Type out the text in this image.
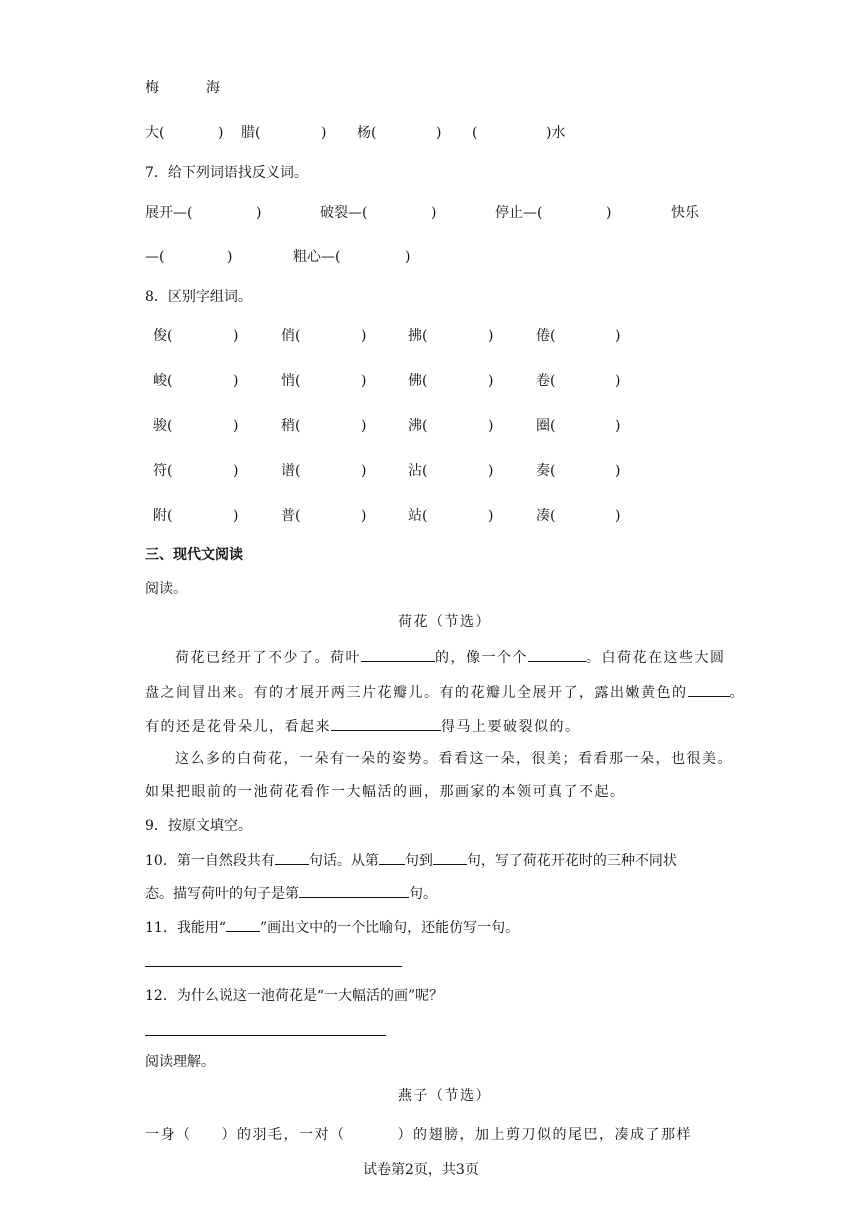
梅	海
大(	) 腊(	) 杨(	) (	)水
7．给下列词语找反义词。
展开—(	)	破裂—(	)	停止—(	)	快乐
—(	)	粗心—(	)
8．区别字组词。
俊(	)	俏(	)	拂(	)	倦(	)
峻(	)	悄(	)	佛(	)	卷(	)
骏(	)	稍(	)	沸(	)	圈(	)
符(	)	谱(	)	沾(	)	奏(	)
附(	)	普(	)	站(	)	凑(	)
三、现代文阅读
阅读。
荷花（节选）
荷花已经开了不少了。荷叶	的，像一个个	。白荷花在这些大圆
盘之间冒出来。有的才展开两三片花瓣儿。有的花瓣儿全展开了，露出嫩黄色的	。
有的还是花骨朵儿，看起来	得马上要破裂似的。
这么多的白荷花，一朵有一朵的姿势。看看这一朵，很美；看看那一朵，也很美。
如果把眼前的一池荷花看作一大幅活的画，那画家的本领可真了不起。
9．按原文填空。
10．第一自然段共有 句话。从第 句到 句，写了荷花开花时的三种不同状
态。描写荷叶的句子是第	句。
11．我能用“ ”画出文中的一个比喻句，还能仿写一句。
12．为什么说这一池荷花是“一大幅活的画”呢？
阅读理解。
燕子（节选）
一身（ ）的羽毛，一对（	）的翅膀，加上剪刀似的尾巴，凑成了那样
试卷第2页，共3页
